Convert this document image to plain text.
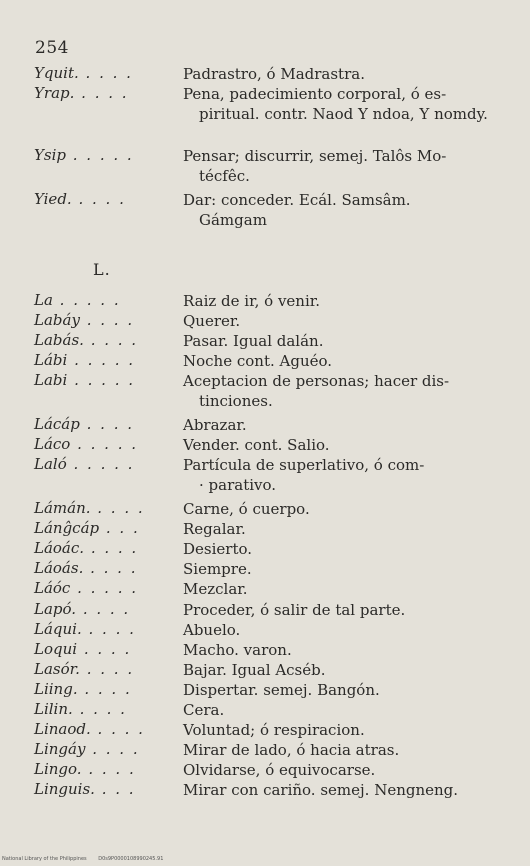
254
Yquit. . . . .	Padrastro, ó Madrastra.
Yrap. . . . .	Pena, padecimiento corporal, ó es-
piritual. contr. Naod Y ndoa, Y nomdy.
Ysip . . . . .	Pensar; discurrir, semej. Talôs Mo-
técfêc.
Yied. . . . .	Dar: conceder. Ecál. Samsâm.
Gámgam
L.
La . . . . .	Raiz de ir, ó venir.
Labáy . . . .	Querer.
Labás. . . . .	Pasar. Igual dalán.
Lábi . . . . .	Noche cont. Aguéo.
Labi . . . . .	Aceptacion de personas; hacer dis-
tinciones.
Lácáp . . . .	Abrazar.
Láco . . . . .	Vender. cont. Salio.
Laló . . . . .	Partícula de superlativo, ó com-
· parativo.
Lámán. . . . .	Carne, ó cuerpo.
Lánĝcáp . . .	Regalar.
Láoác. . . . .	Desierto.
Láoás. . . . .	Siempre.
Láóc . . . . .	Mezclar.
Lapó. . . . .	Proceder, ó salir de tal parte.
Láqui. . . . .	Abuelo.
Loqui . . . .	Macho. varon.
Lasór. . . . .	Bajar. Igual Acséb.
Liing. . . . .	Dispertar. semej. Bangón.
Lilin. . . . .	Cera.
Linaod. . . . .	Voluntad; ó respiracion.
Lingáy . . . .	Mirar de lado, ó hacia atras.
Lingo. . . . .	Olvidarse, ó equivocarse.
Linguis. . . .	Mirar con cariño. semej. Nengneng.
National Library of the Philippines D0s9P0000108990245.91
